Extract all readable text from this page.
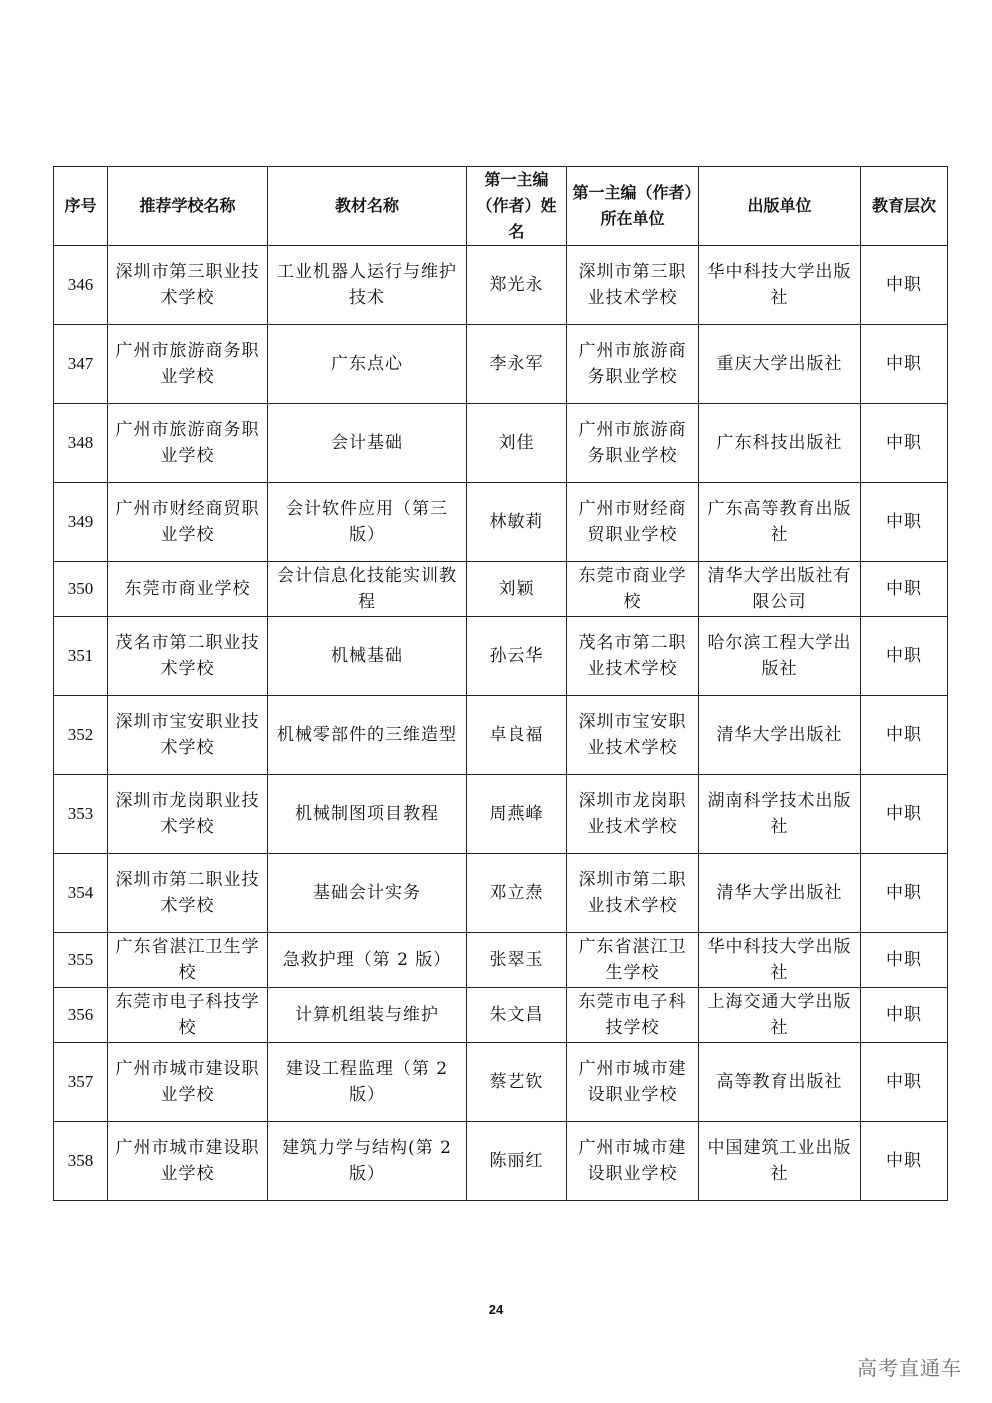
序号	推荐学校名称	教材名称	第一主编（作者）姓名	第一主编（作者）所在单位	出版单位	教育层次
346	深圳市第三职业技术学校	工业机器人运行与维护技术	郑光永	深圳市第三职业技术学校	华中科技大学出版社	中职
347	广州市旅游商务职业学校	广东点心	李永军	广州市旅游商务职业学校	重庆大学出版社	中职
348	广州市旅游商务职业学校	会计基础	刘佳	广州市旅游商务职业学校	广东科技出版社	中职
349	广州市财经商贸职业学校	会计软件应用（第三版）	林敏莉	广州市财经商贸职业学校	广东高等教育出版社	中职
350	东莞市商业学校	会计信息化技能实训教程	刘颖	东莞市商业学校	清华大学出版社有限公司	中职
351	茂名市第二职业技术学校	机械基础	孙云华	茂名市第二职业技术学校	哈尔滨工程大学出版社	中职
352	深圳市宝安职业技术学校	机械零部件的三维造型	卓良福	深圳市宝安职业技术学校	清华大学出版社	中职
353	深圳市龙岗职业技术学校	机械制图项目教程	周燕峰	深圳市龙岗职业技术学校	湖南科学技术出版社	中职
354	深圳市第二职业技术学校	基础会计实务	邓立焘	深圳市第二职业技术学校	清华大学出版社	中职
355	广东省湛江卫生学校	急救护理（第 2 版）	张翠玉	广东省湛江卫生学校	华中科技大学出版社	中职
356	东莞市电子科技学校	计算机组装与维护	朱文昌	东莞市电子科技学校	上海交通大学出版社	中职
357	广州市城市建设职业学校	建设工程监理（第 2 版）	蔡艺钦	广州市城市建设职业学校	高等教育出版社	中职
358	广州市城市建设职业学校	建筑力学与结构(第 2 版）	陈丽红	广州市城市建设职业学校	中国建筑工业出版社	中职
24
高考直通车
